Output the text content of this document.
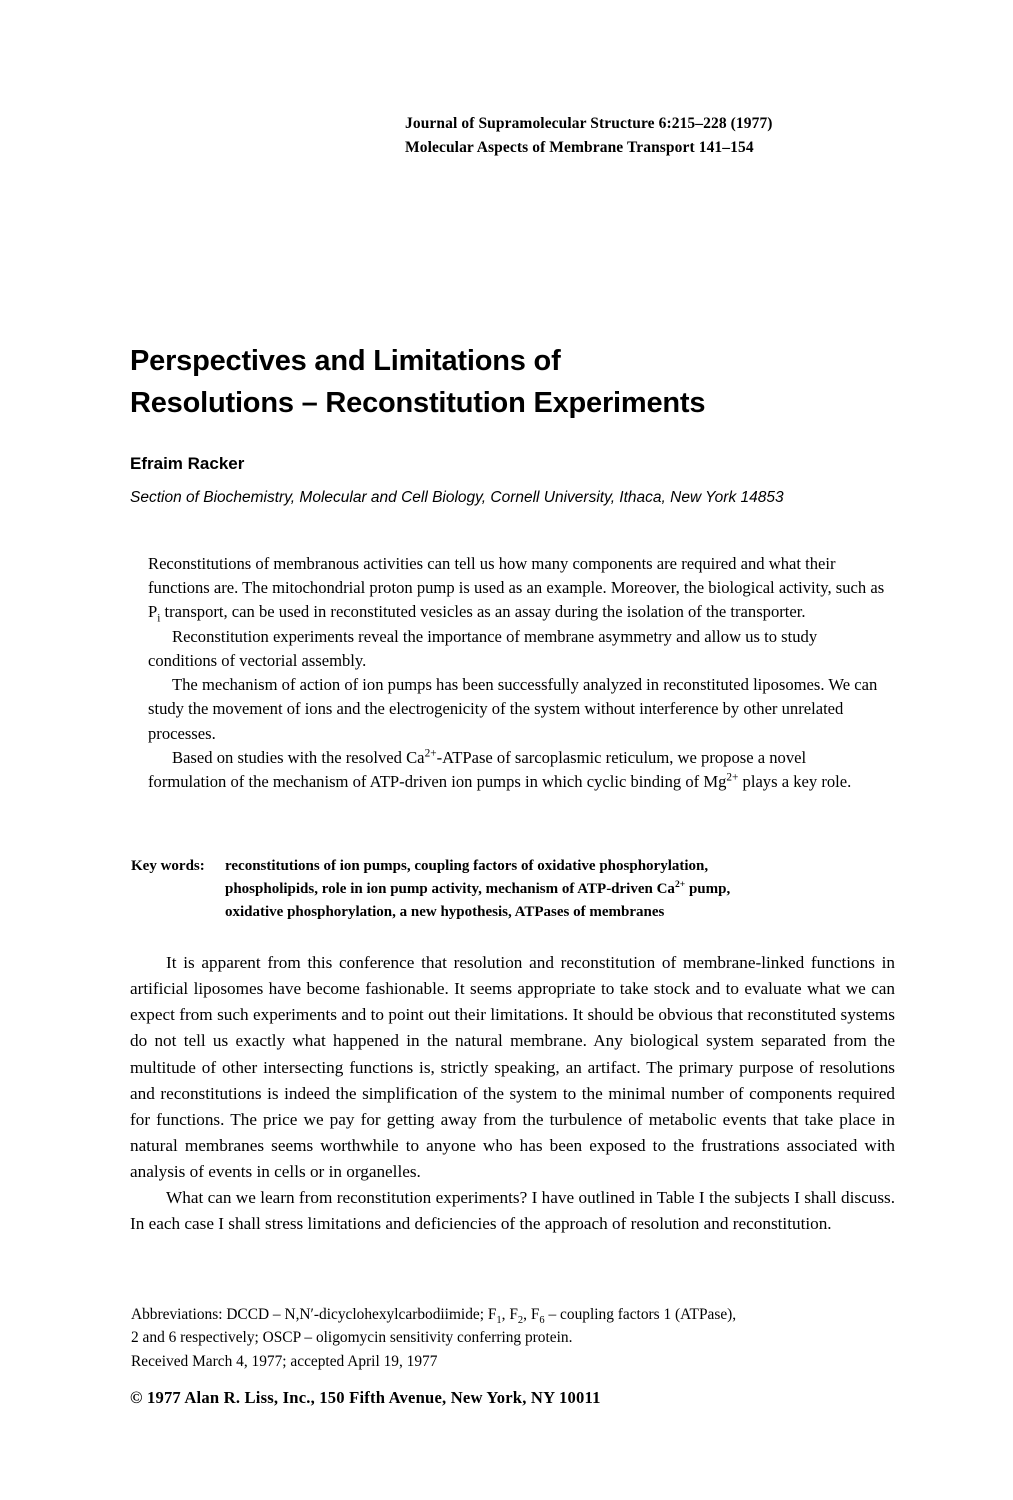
Journal of Supramolecular Structure 6:215–228 (1977)
Molecular Aspects of Membrane Transport 141–154
Perspectives and Limitations of
Resolutions – Reconstitution Experiments
Efraim Racker
Section of Biochemistry, Molecular and Cell Biology, Cornell University, Ithaca, New York 14853

Reconstitutions of membranous activities can tell us how many components are required and what their functions are. The mitochondrial proton pump is used as an example. Moreover, the biological activity, such as $P_i$ transport, can be used in reconstituted vesicles as an assay during the isolation of the transporter.

Reconstitution experiments reveal the importance of membrane asymmetry and allow us to study conditions of vectorial assembly.

The mechanism of action of ion pumps has been successfully analyzed in reconstituted liposomes. We can study the movement of ions and the electrogenicity of the system without interference by other unrelated processes.

Based on studies with the resolved $Ca^{2+}$-ATPase of sarcoplasmic reticulum, we propose a novel formulation of the mechanism of ATP-driven ion pumps in which cyclic binding of $Mg^{2+}$ plays a key role.

Key words: reconstitutions of ion pumps, coupling factors of oxidative phosphorylation,
phospholipids, role in ion pump activity, mechanism of ATP-driven $Ca^{2+}$ pump,
oxidative phosphorylation, a new hypothesis, ATPases of membranes

It is apparent from this conference that resolution and reconstitution of membrane-linked functions in artificial liposomes have become fashionable. It seems appropriate to take stock and to evaluate what we can expect from such experiments and to point out their limitations. It should be obvious that reconstituted systems do not tell us exactly what happened in the natural membrane. Any biological system separated from the multitude of other intersecting functions is, strictly speaking, an artifact. The primary purpose of resolutions and reconstitutions is indeed the simplification of the system to the minimal number of components required for functions. The price we pay for getting away from the turbulence of metabolic events that take place in natural membranes seems worthwhile to anyone who has been exposed to the frustrations associated with analysis of events in cells or in organelles.

What can we learn from reconstitution experiments? I have outlined in Table I the subjects I shall discuss. In each case I shall stress limitations and deficiencies of the approach of resolution and reconstitution.

Abbreviations: DCCD – N,N′-dicyclohexylcarbodiimide; $F_1$, $F_2$, $F_6$ – coupling factors 1 (ATPase),

2 and 6 respectively; OSCP – oligomycin sensitivity conferring protein.

Received March 4, 1977; accepted April 19, 1977

© 1977 Alan R. Liss, Inc., 150 Fifth Avenue, New York, NY 10011
